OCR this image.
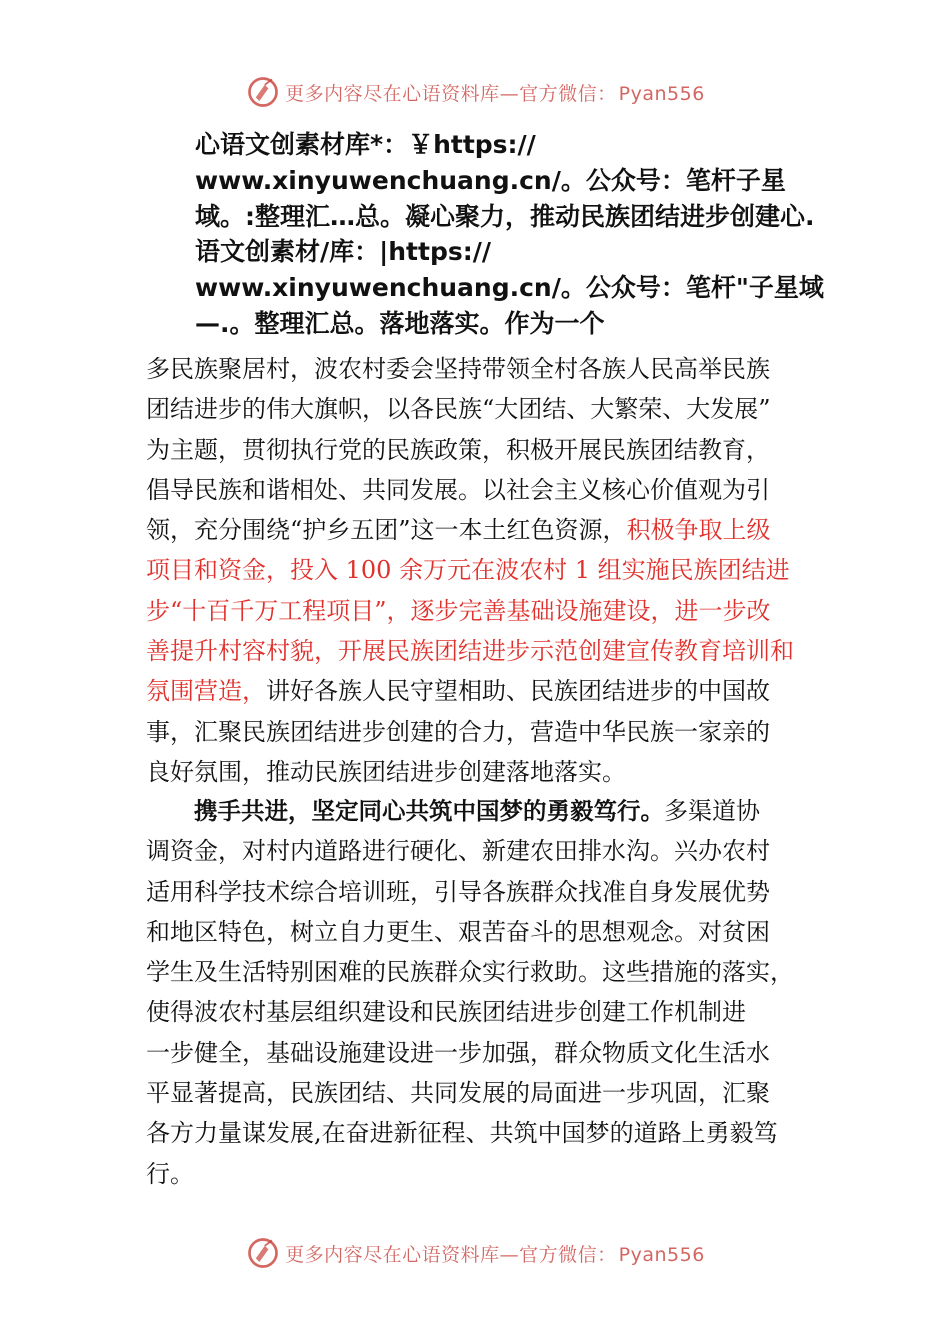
更多内容尽在心语资料库—官方微信： Pyan556
心语文创素材库*：￥https://
www.xinyuwenchuang.cn/。公众号：笔杆子星
域。:整理汇…总。凝心聚力，推动民族团结进步创建心.
语文创素材/库：|https://
www.xinyuwenchuang.cn/。公众号：笔杆"子星域
—.。整理汇总。落地落实。作为一个
多民族聚居村，波农村委会坚持带领全村各族人民高举民族
团结进步的伟大旗帜，以各民族“大团结、大繁荣、大发展”
为主题，贯彻执行党的民族政策，积极开展民族团结教育，
倡导民族和谐相处、共同发展。以社会主义核心价值观为引
领，充分围绕“护乡五团”这一本土红色资源，积极争取上级
项目和资金，投入 100 余万元在波农村 1 组实施民族团结进
步“十百千万工程项目”，逐步完善基础设施建设，进一步改
善提升村容村貌，开展民族团结进步示范创建宣传教育培训和
氛围营造，讲好各族人民守望相助、民族团结进步的中国故
事，汇聚民族团结进步创建的合力，营造中华民族一家亲的
良好氛围，推动民族团结进步创建落地落实。
携手共进，坚定同心共筑中国梦的勇毅笃行。多渠道协
调资金，对村内道路进行硬化、新建农田排水沟。兴办农村
适用科学技术综合培训班，引导各族群众找准自身发展优势
和地区特色，树立自力更生、艰苦奋斗的思想观念。对贫困
学生及生活特别困难的民族群众实行救助。这些措施的落实，
使得波农村基层组织建设和民族团结进步创建工作机制进
一步健全，基础设施建设进一步加强，群众物质文化生活水
平显著提高，民族团结、共同发展的局面进一步巩固，汇聚
各方力量谋发展,在奋进新征程、共筑中国梦的道路上勇毅笃
行。
更多内容尽在心语资料库—官方微信： Pyan556
